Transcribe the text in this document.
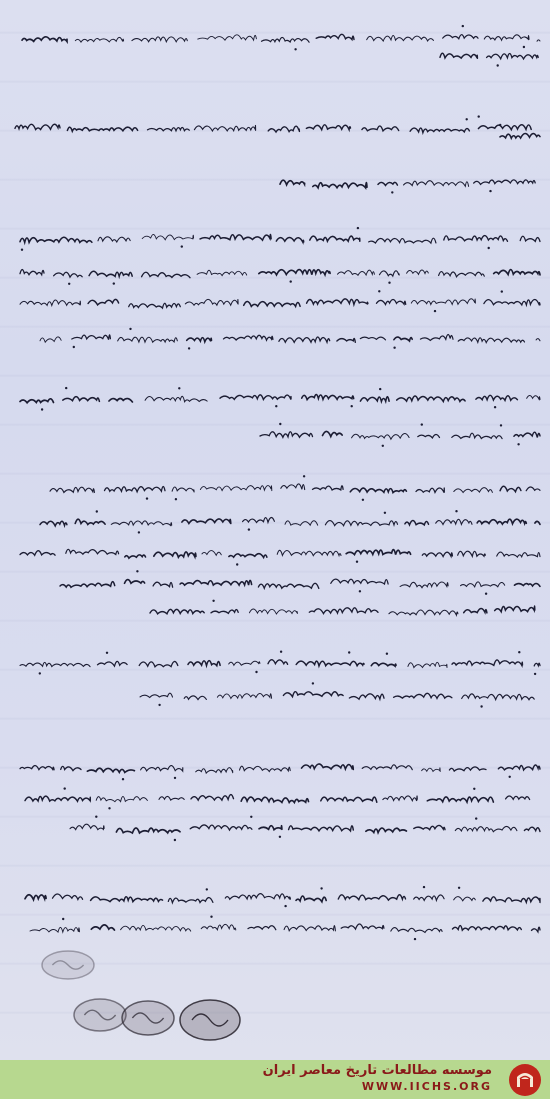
موسسه مطالعات تاریخ معاصر ایران
WWW.IICHS.ORG
